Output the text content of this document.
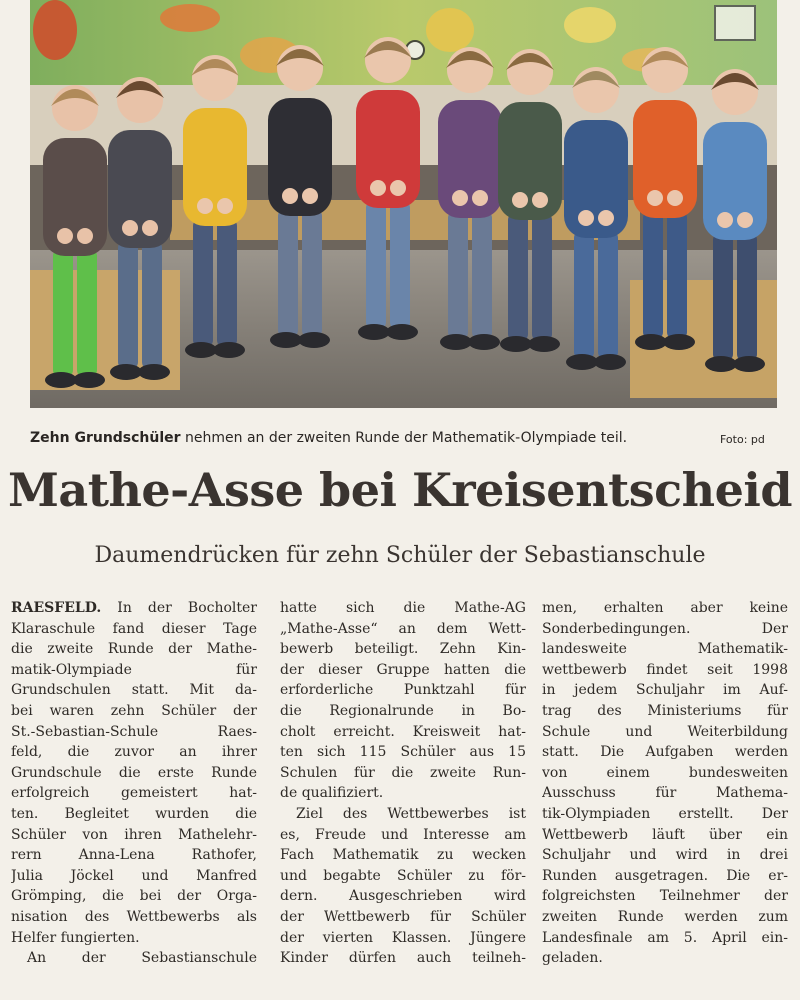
Zehn Grundschüler nehmen an der zweiten Runde der Mathematik-Olympiade teil.	Foto: pd
Mathe-Asse bei Kreisentscheid
Daumendrücken für zehn Schüler der Sebastianschule
RAESFELD. In der Bocholter
Klaraschule fand dieser Tage
die zweite Runde der Mathe-
matik-Olympiade für
Grundschulen statt. Mit da-
bei waren zehn Schüler der
St.-Sebastian-Schule Raes-
feld, die zuvor an ihrer
Grundschule die erste Runde
erfolgreich gemeistert hat-
ten. Begleitet wurden die
Schüler von ihren Mathelehr-
rern Anna-Lena Rathofer,
Julia Jöckel und Manfred
Grömping, die bei der Orga-
nisation des Wettbewerbs als
Helfer fungierten.
An der Sebastianschule
hatte sich die Mathe-AG
„Mathe-Asse“ an dem Wett-
bewerb beteiligt. Zehn Kin-
der dieser Gruppe hatten die
erforderliche Punktzahl für
die Regionalrunde in Bo-
cholt erreicht. Kreisweit hat-
ten sich 115 Schüler aus 15
Schulen für die zweite Run-
de qualifiziert.
Ziel des Wettbewerbes ist
es, Freude und Interesse am
Fach Mathematik zu wecken
und begabte Schüler zu för-
dern. Ausgeschrieben wird
der Wettbewerb für Schüler
der vierten Klassen. Jüngere
Kinder dürfen auch teilneh-
men, erhalten aber keine
Sonderbedingungen. Der
landesweite Mathematik-
wettbewerb findet seit 1998
in jedem Schuljahr im Auf-
trag des Ministeriums für
Schule und Weiterbildung
statt. Die Aufgaben werden
von einem bundesweiten
Ausschuss für Mathema-
tik-Olympiaden erstellt. Der
Wettbewerb läuft über ein
Schuljahr und wird in drei
Runden ausgetragen. Die er-
folgreichsten Teilnehmer der
zweiten Runde werden zum
Landesfinale am 5. April ein-
geladen.
